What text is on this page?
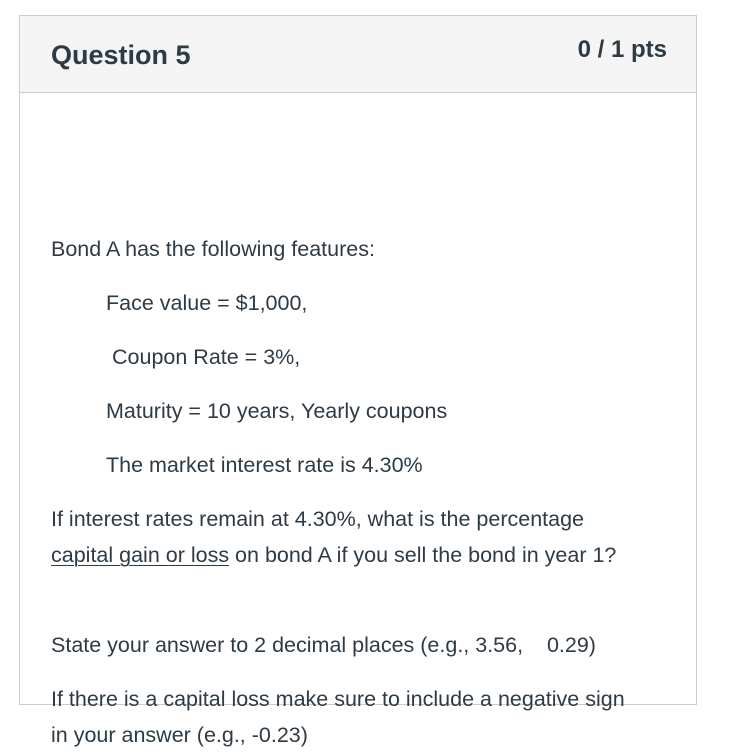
Question 5	0 / 1 pts
Bond A has the following features:
Face value = $1,000,
Coupon Rate = 3%,
Maturity = 10 years, Yearly coupons
The market interest rate is 4.30%
If interest rates remain at 4.30%, what is the percentage capital gain or loss on bond A if you sell the bond in year 1?
State your answer to 2 decimal places (e.g., 3.56,    0.29)
If there is a capital loss make sure to include a negative sign in your answer (e.g., -0.23)
